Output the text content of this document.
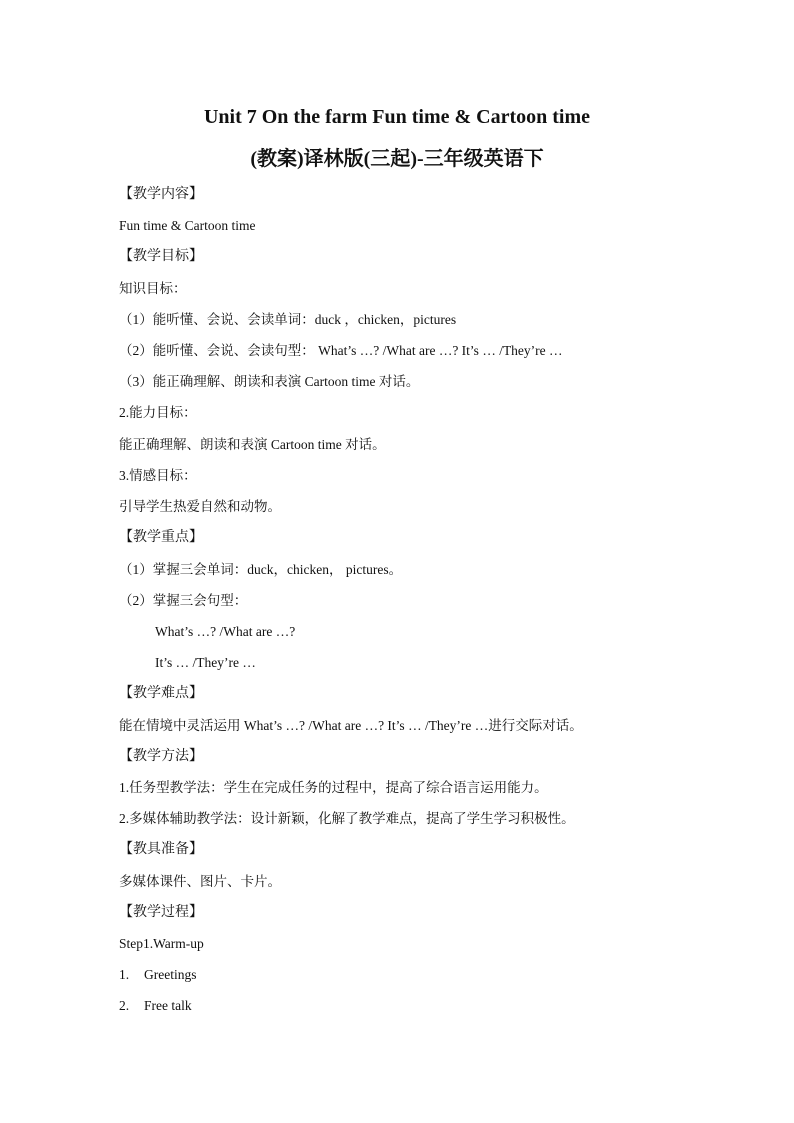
Unit 7 On the farm Fun time & Cartoon time
(教案)译林版(三起)-三年级英语下

【教学内容】

Fun time & Cartoon time

【教学目标】

知识目标：

（1）能听懂、会说、会读单词：duck ，chicken，pictures

（2）能听懂、会说、会读句型： What’s …? /What are …? It’s … /They’re …

（3）能正确理解、朗读和表演 Cartoon time 对话。

2.能力目标：

能正确理解、朗读和表演 Cartoon time 对话。

3.情感目标：

引导学生热爱自然和动物。

【教学重点】

（1）掌握三会单词：duck，chicken， pictures。

（2）掌握三会句型：

What’s …? /What are …?

It’s … /They’re …

【教学难点】

能在情境中灵活运用 What’s …? /What are …? It’s … /They’re …进行交际对话。

【教学方法】

1.任务型教学法：学生在完成任务的过程中，提高了综合语言运用能力。

2.多媒体辅助教学法：设计新颖，化解了教学难点，提高了学生学习积极性。

【教具准备】

多媒体课件、图片、卡片。

【教学过程】

Step1.Warm-up

1. Greetings

2. Free talk
